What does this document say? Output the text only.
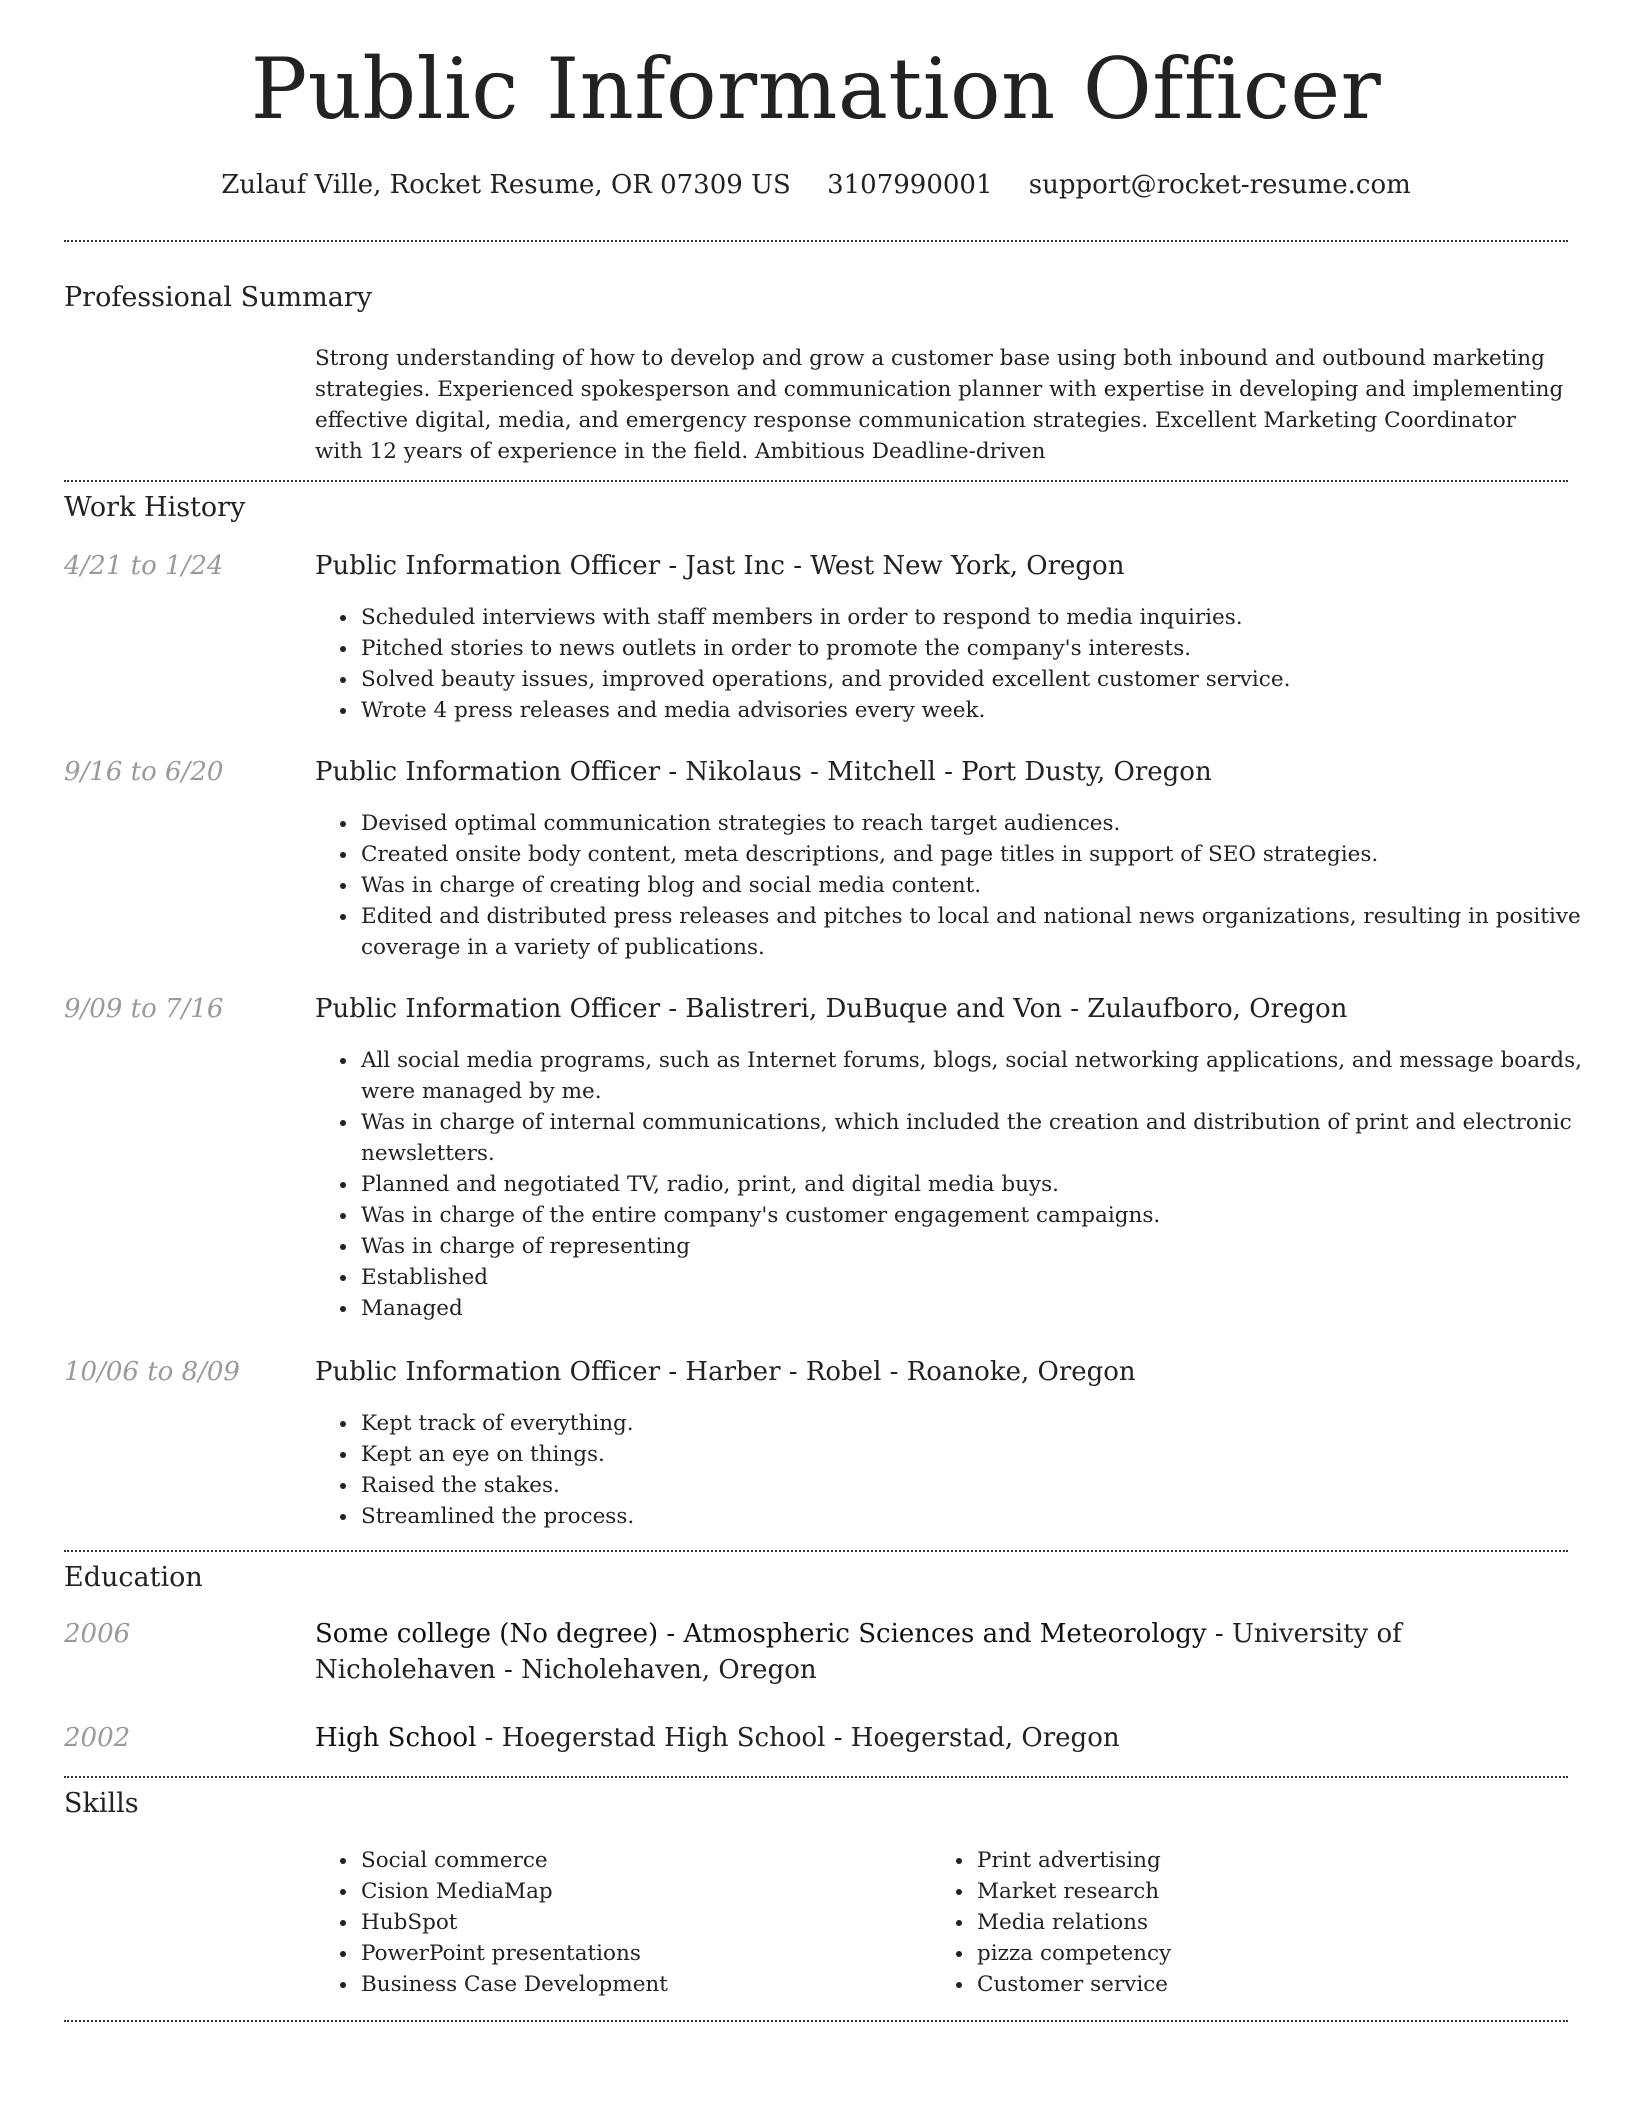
Public Information Officer
Zulauf Ville, Rocket Resume, OR 07309 US 3107990001 support@rocket-resume.com
Professional Summary

Strong understanding of how to develop and grow a customer base using both inbound and outbound marketing strategies. Experienced spokesperson and communication planner with expertise in developing and implementing effective digital, media, and emergency response communication strategies. Excellent Marketing Coordinator with 12 years of experience in the field. Ambitious Deadline-driven

Work History
4/21 to 1/24	Public Information Officer - Jast Inc - West New York, Oregon
• Scheduled interviews with staff members in order to respond to media inquiries.
• Pitched stories to news outlets in order to promote the company's interests.
• Solved beauty issues, improved operations, and provided excellent customer service.
• Wrote 4 press releases and media advisories every week.
9/16 to 6/20	Public Information Officer - Nikolaus - Mitchell - Port Dusty, Oregon
• Devised optimal communication strategies to reach target audiences.
• Created onsite body content, meta descriptions, and page titles in support of SEO strategies.
• Was in charge of creating blog and social media content.
• Edited and distributed press releases and pitches to local and national news organizations, resulting in positive coverage in a variety of publications.
9/09 to 7/16	Public Information Officer - Balistreri, DuBuque and Von - Zulaufboro, Oregon
• All social media programs, such as Internet forums, blogs, social networking applications, and message boards, were managed by me.
• Was in charge of internal communications, which included the creation and distribution of print and electronic newsletters.
• Planned and negotiated TV, radio, print, and digital media buys.
• Was in charge of the entire company's customer engagement campaigns.
• Was in charge of representing
• Established
• Managed
10/06 to 8/09	Public Information Officer - Harber - Robel - Roanoke, Oregon
• Kept track of everything.
• Kept an eye on things.
• Raised the stakes.
• Streamlined the process.
Education
2006	Some college (No degree) - Atmospheric Sciences and Meteorology - University of Nicholehaven - Nicholehaven, Oregon
2002	High School - Hoegerstad High School - Hoegerstad, Oregon
Skills
• Social commerce
• Cision MediaMap
• HubSpot
• PowerPoint presentations
• Business Case Development
• Print advertising
• Market research
• Media relations
• pizza competency
• Customer service
